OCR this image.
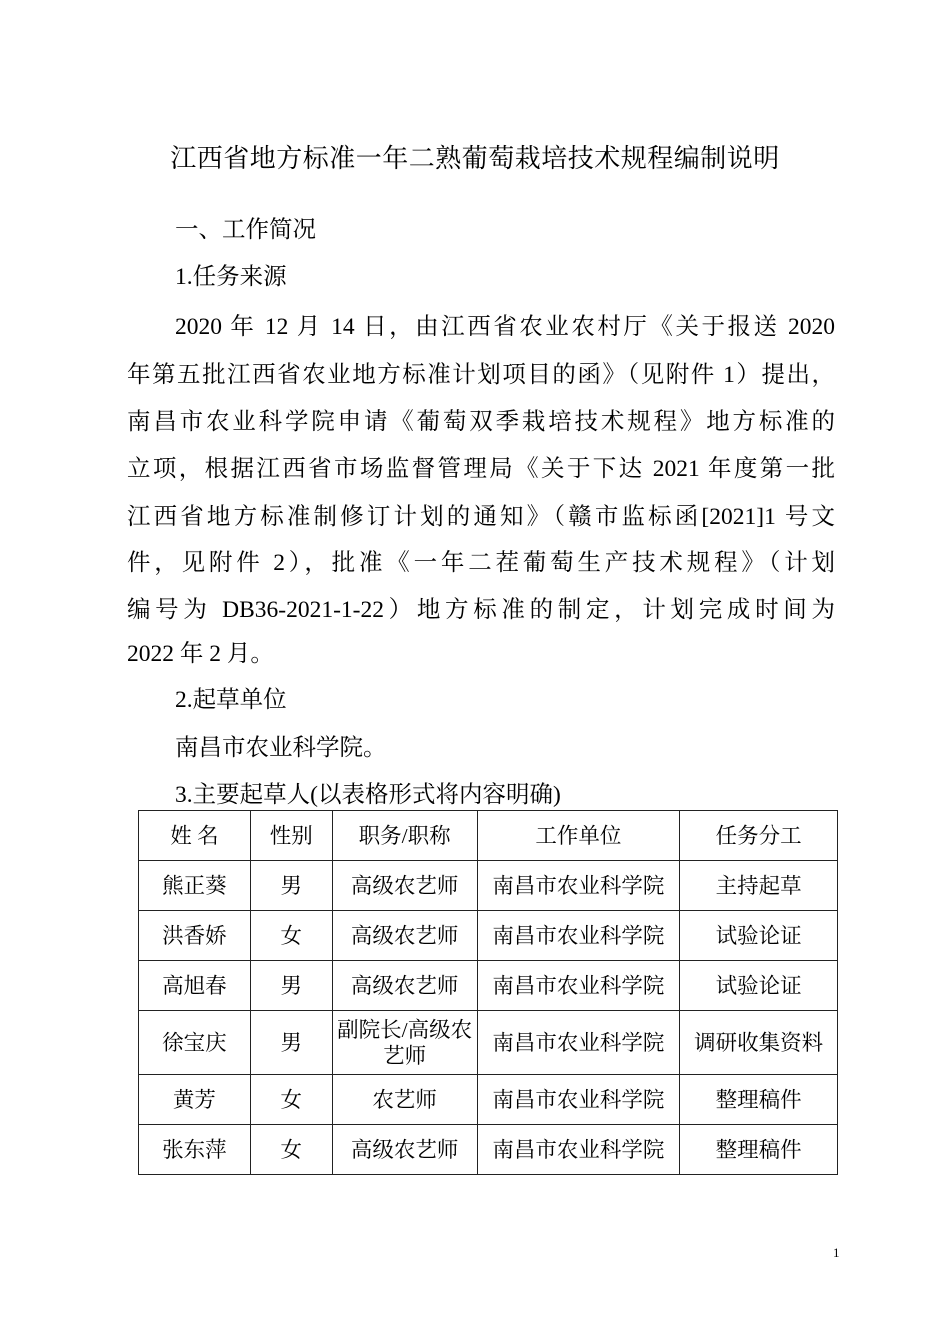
江西省地方标准一年二熟葡萄栽培技术规程编制说明
一、工作简况
1.任务来源
2020 年 12 月 14 日，由江西省农业农村厅《关于报送 2020
年第五批江西省农业地方标准计划项目的函》（见附件 1）提出，
南昌市农业科学院申请《葡萄双季栽培技术规程》地方标准的
立项，根据江西省市场监督管理局《关于下达 2021 年度第一批
江西省地方标准制修订计划的通知》（赣市监标函[2021]1 号文
件，见附件 2），批准《一年二茬葡萄生产技术规程》（计划
编号为 DB36-2021-1-22）地方标准的制定，计划完成时间为
2022 年 2 月。
2.起草单位
南昌市农业科学院。
3.主要起草人(以表格形式将内容明确)
姓 名	性别	职务/职称	工作单位	任务分工
熊正葵	男	高级农艺师	南昌市农业科学院	主持起草
洪香娇	女	高级农艺师	南昌市农业科学院	试验论证
高旭春	男	高级农艺师	南昌市农业科学院	试验论证
徐宝庆	男	副院长/高级农艺师	南昌市农业科学院	调研收集资料
黄芳	女	农艺师	南昌市农业科学院	整理稿件
张东萍	女	高级农艺师	南昌市农业科学院	整理稿件
1
